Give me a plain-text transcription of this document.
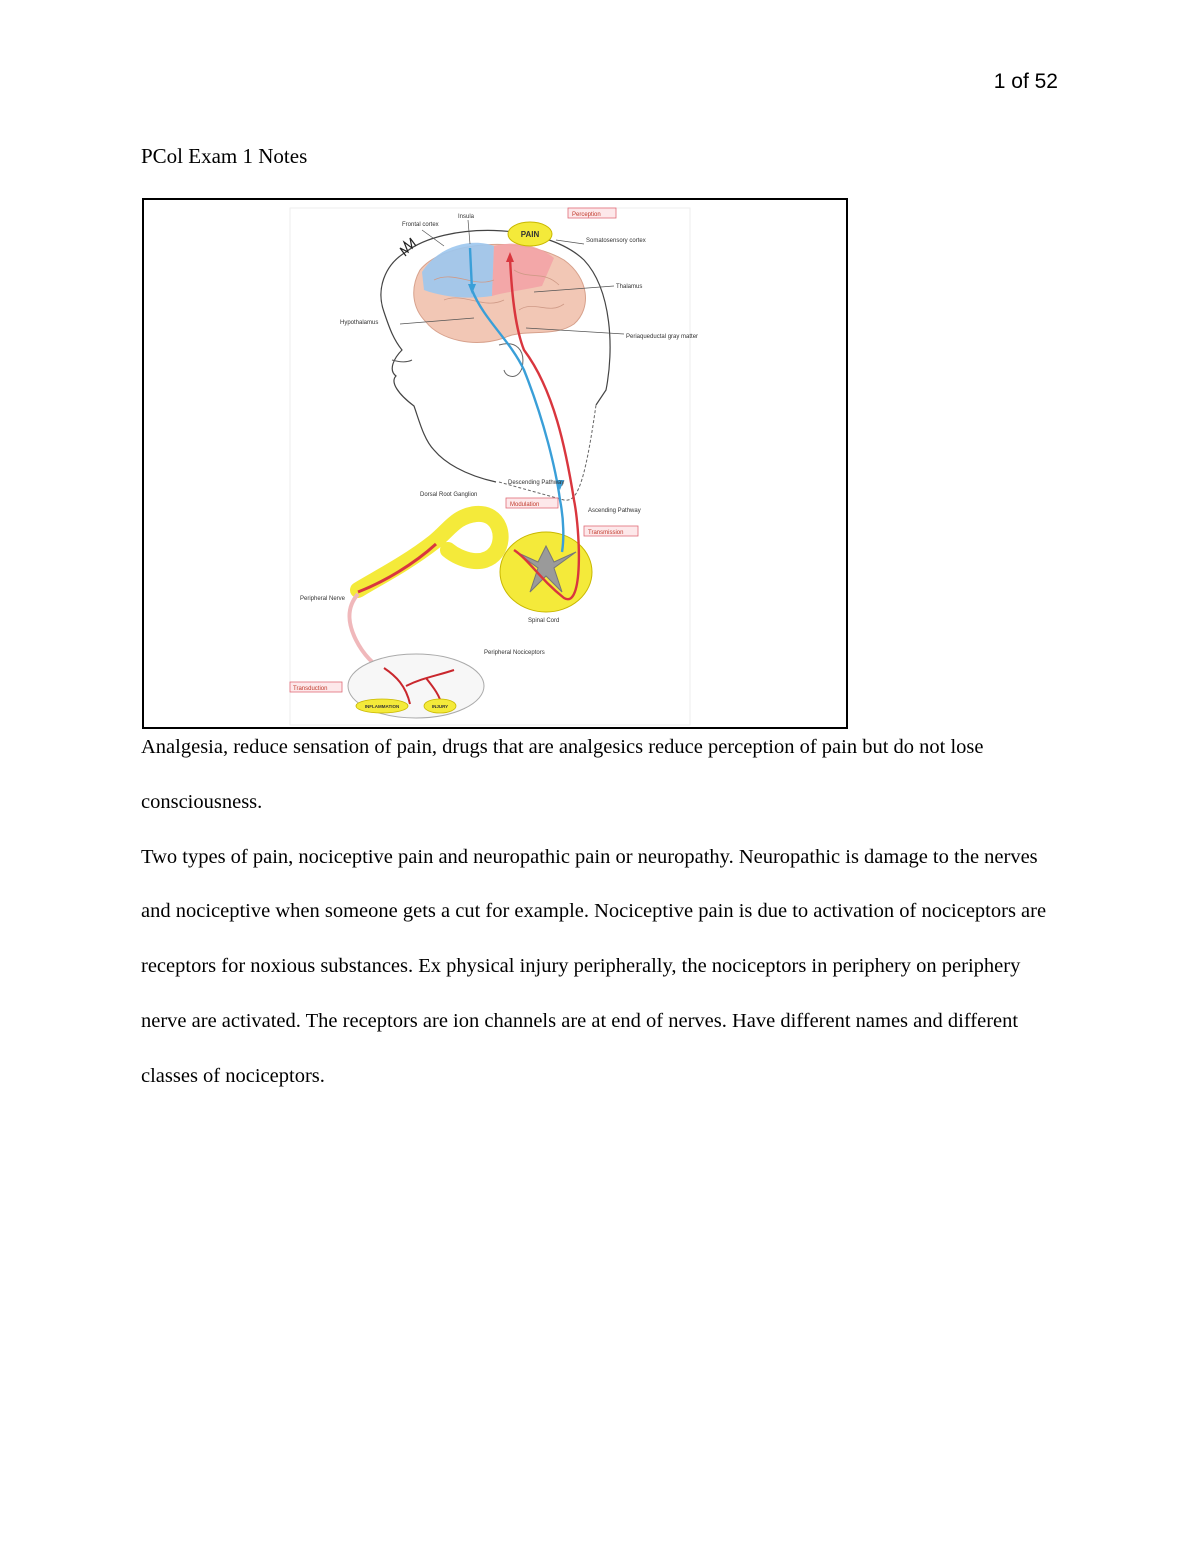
1 of 52
PCol Exam 1 Notes
PAIN
INFLAMMATION	INJURY
Frontal cortex
Insula	Perception
Somatosensory cortex
Thalamus
Hypothalamus
Periaqueductal gray matter
Descending Pathway
Modulation
Dorsal Root Ganglion
Ascending Pathway
Transmission
Peripheral Nerve
Spinal Cord
Peripheral Nociceptors
Transduction

Analgesia, reduce sensation of pain, drugs that are analgesics reduce perception of pain but do not lose consciousness.

Two types of pain, nociceptive pain and neuropathic pain or neuropathy. Neuropathic is damage to the nerves and nociceptive when someone gets a cut for example. Nociceptive pain is due to activation of nociceptors are receptors for noxious substances. Ex physical injury peripherally, the nociceptors in periphery on periphery nerve are activated. The receptors are ion channels are at end of nerves. Have different names and different classes of nociceptors.
